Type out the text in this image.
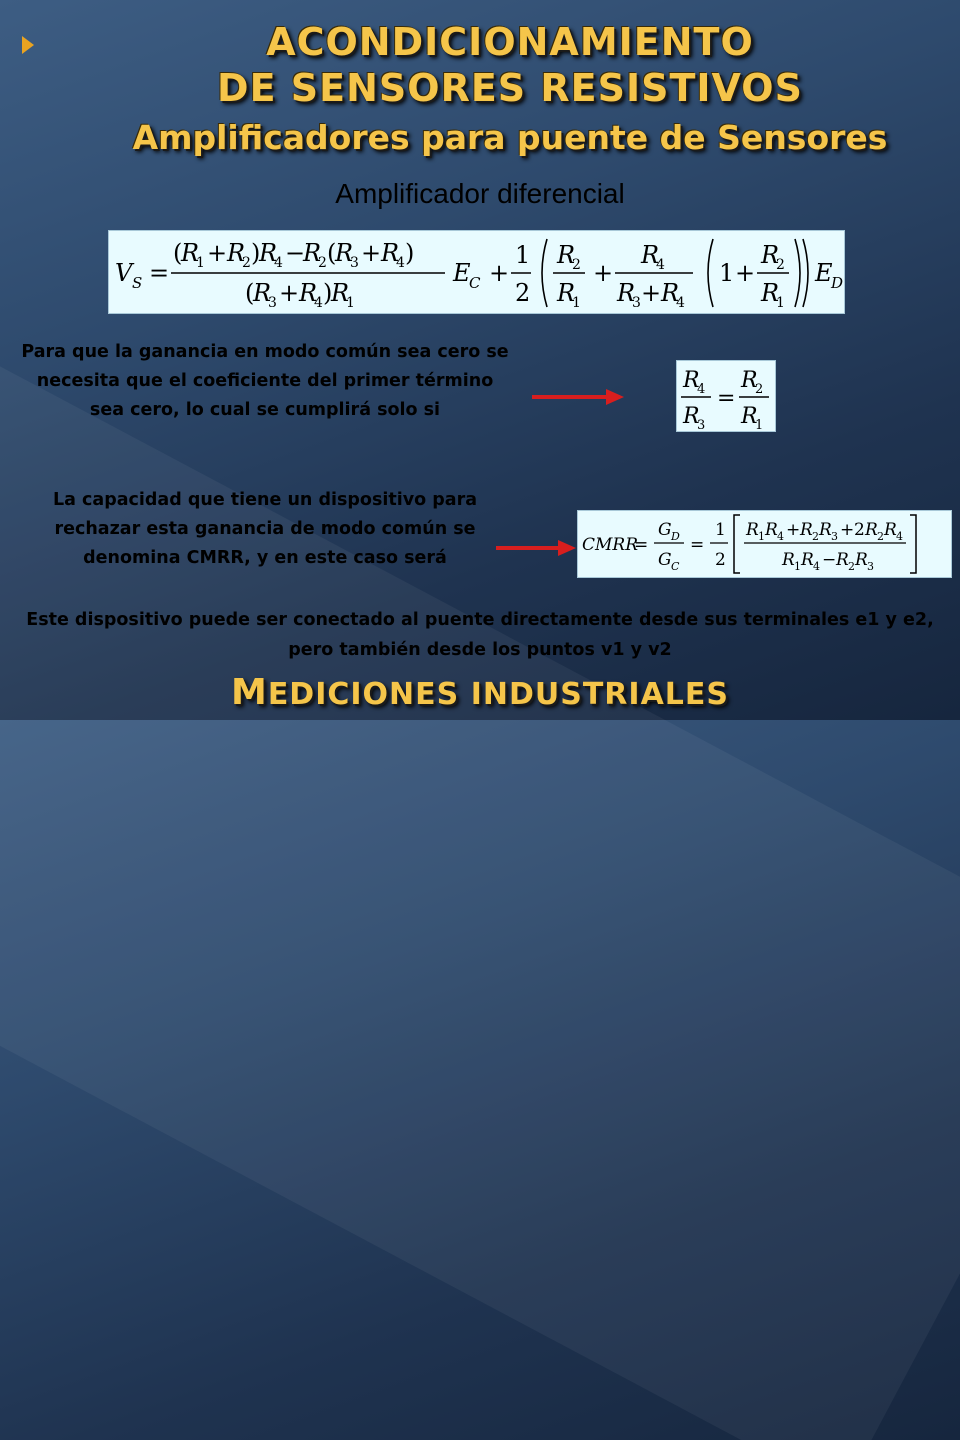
ACONDICIONAMIENTO
DE SENSORES RESISTIVOS
Amplificadores para puente de Sensores
Amplificador diferencial
V S =
(
R
1 + R
2 )
R
4 −
R
2 (
R
3 + R
4 )
(
R
3 + R
4 )
R
1
E
C +
1
2
R
2
R
1
+
R
4
R
3 + R
4
1 +
R
2
R
1
E
D
Para que la ganancia en modo común sea cero se necesita que el coeficiente del primer término sea cero, lo cual se cumplirá solo si
R
4
R
3
=
R
2
R
1
La capacidad que tiene un dispositivo para rechazar esta ganancia de modo común se denomina CMRR, y en este caso será
CMRR
=
G D
G C
=
1
2
R 1 R 4 + R 2 R 3 + 2 R 2 R 4
R 1 R 4 − R 2 R 3
Este dispositivo puede ser conectado al puente directamente desde sus terminales e1 y e2, pero también desde los puntos v1 y v2
MEDICIONES INDUSTRIALES
